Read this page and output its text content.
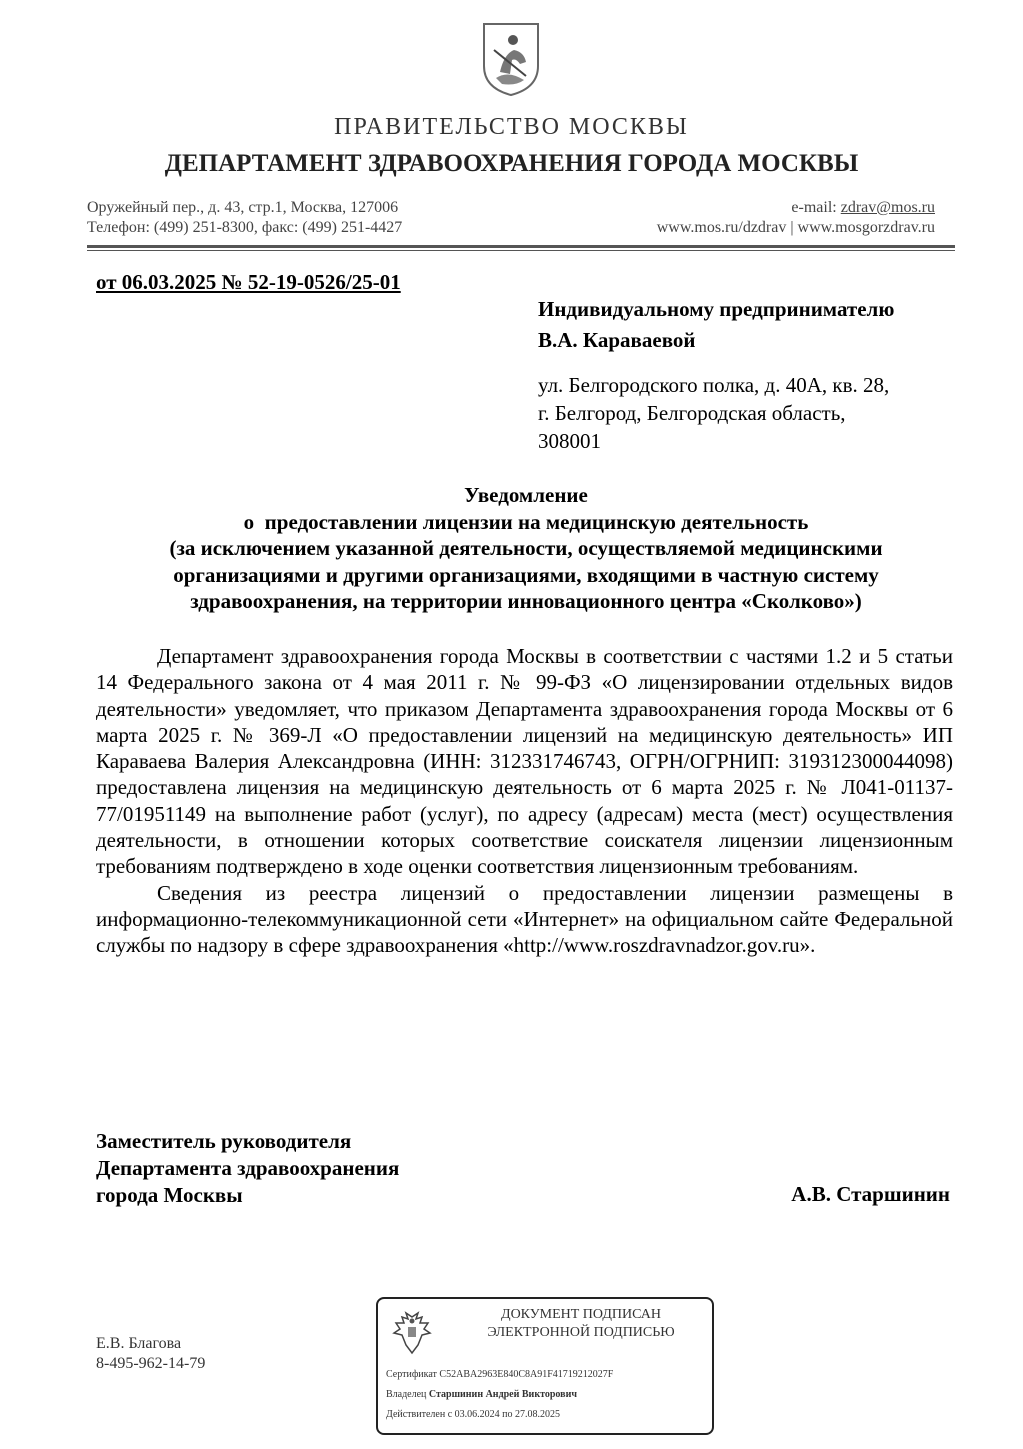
ПРАВИТЕЛЬСТВО МОСКВЫ
ДЕПАРТАМЕНТ ЗДРАВООХРАНЕНИЯ ГОРОДА МОСКВЫ
Оружейный пер., д. 43, стр.1, Москва, 127006
Телефон: (499) 251-8300, факс: (499) 251-4427
e-mail: zdrav@mos.ru
www.mos.ru/dzdrav | www.mosgorzdrav.ru
от 06.03.2025 № 52-19-0526/25-01
Индивидуальному предпринимателю
В.А. Караваевой
ул. Белгородского полка, д. 40А, кв. 28,
г. Белгород, Белгородская область,
308001
Уведомление
о  предоставлении лицензии на медицинскую деятельность
(за исключением указанной деятельности, осуществляемой медицинскими
организациями и другими организациями, входящими в частную систему
здравоохранения, на территории инновационного центра «Сколково»)

Департамент здравоохранения города Москвы в соответствии с частями 1.2 и 5 статьи 14 Федерального закона от 4 мая 2011 г. № 99-ФЗ «О лицензировании отдельных видов деятельности» уведомляет, что приказом Департамента здравоохранения города Москвы от 6 марта 2025 г. № 369-Л «О предоставлении лицензий на медицинскую деятельность» ИП Караваева Валерия Александровна (ИНН: 312331746743, ОГРН/ОГРНИП: 319312300044098) предоставлена лицензия на медицинскую деятельность от 6 марта 2025 г. № Л041-01137-77/01951149 на выполнение работ (услуг), по адресу (адресам) места (мест) осуществления деятельности, в отношении которых соответствие соискателя лицензии лицензионным требованиям подтверждено в ходе оценки соответствия лицензионным требованиям.

Сведения из реестра лицензий о предоставлении лицензии размещены в информационно-телекоммуникационной сети «Интернет» на официальном сайте Федеральной службы по надзору в сфере здравоохранения «http://www.roszdravnadzor.gov.ru».

Заместитель руководителя
Департамента здравоохранения
города Москвы	А.В. Старшинин
Е.В. Благова
8-495-962-14-79
ДОКУМЕНТ ПОДПИСАН
ЭЛЕКТРОННОЙ ПОДПИСЬЮ
Сертификат C52ABA2963E840C8A91F41719212027F
Владелец Старшинин Андрей Викторович
Действителен с 03.06.2024 по 27.08.2025
